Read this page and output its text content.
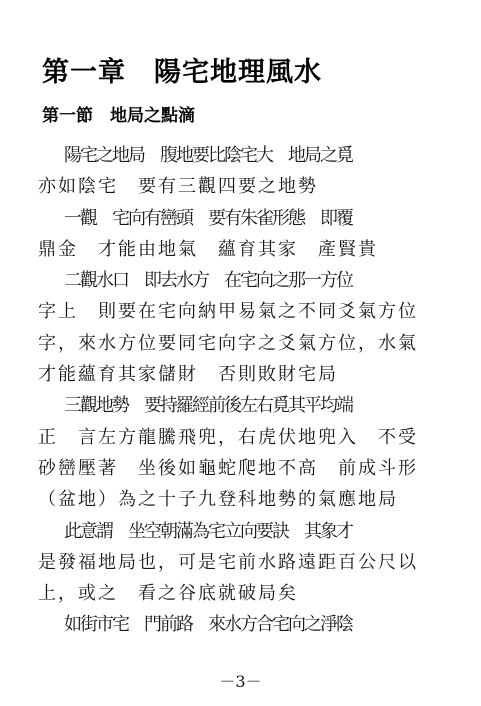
第一章　陽宅地理風水
第一節　地局之點滴
陽宅之地局　腹地要比陰宅大　地局之覓
亦如陰宅　要有三觀四要之地勢
一觀　宅向有巒頭　要有朱雀形態　即覆
鼎金　才能由地氣　蘊育其家　產賢貴
二觀水口　即去水方　在宅向之那一方位
字上　則要在宅向納甲易氣之不同爻氣方位
字，來水方位要同宅向字之爻氣方位，水氣
才能蘊育其家儲財　否則敗財宅局
三觀地勢　要持羅經前後左右覓其平均端
正　言左方龍騰飛兜，右虎伏地兜入　不受
砂巒壓著　坐後如龜蛇爬地不高　前成斗形
（盆地）為之十子九登科地勢的氣應地局
此意謂　坐空朝滿為宅立向要訣　其象才
是發福地局也，可是宅前水路遠距百公尺以
上，或之　看之谷底就破局矣
如街市宅　門前路　來水方合宅向之淨陰
－3－
